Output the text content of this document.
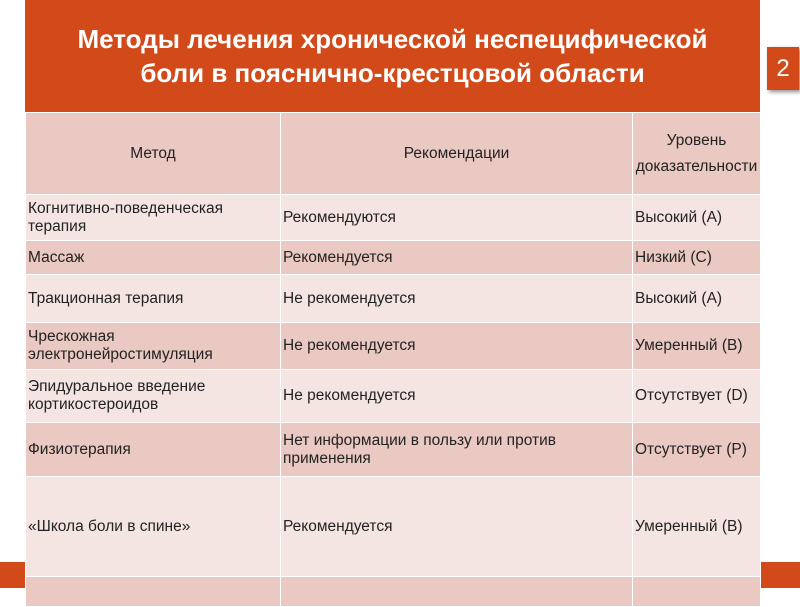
Методы лечения хронической неспецифической боли в пояснично-крестцовой области	2
Метод	Рекомендации	Уровень доказательности
Когнитивно-поведенческая терапия	Рекомендуются	Высокий (А)
Массаж	Рекомендуется	Низкий (С)
Тракционная терапия	Не рекомендуется	Высокий (А)
Чрескожная электронейростимуляция	Не рекомендуется	Умеренный (В)
Эпидуральное введение кортикостероидов	Не рекомендуется	Отсутствует (D)
Физиотерапия	Нет информации в пользу или против применения	Отсутствует (Р)
«Школа боли в спине»	Рекомендуется	Умеренный (В)
